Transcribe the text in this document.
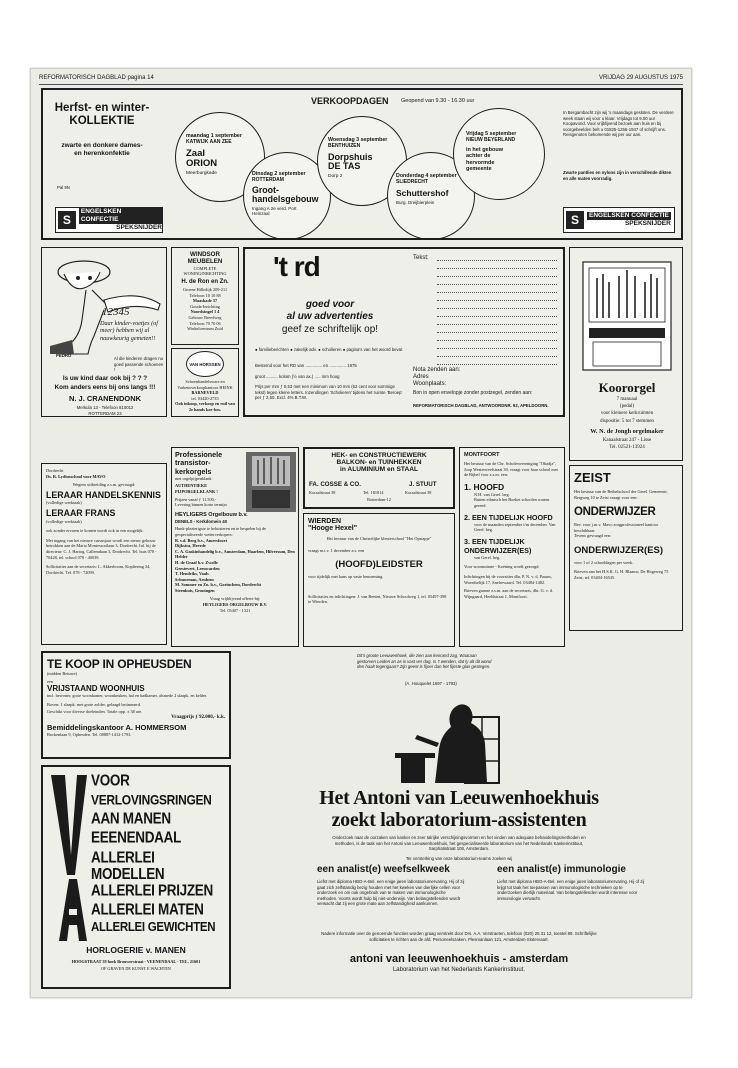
REFORMATORISCH DAGBLAD pagina 14	VRIJDAG 29 AUGUSTUS 1975
Herfst- en winter-KOLLEKTIE
zwarte en donkere dames- en herenkonfektie
Pal 9N
S
ENGELSKEN CONFECTIE
SPEKSNIJDER
VERKOOPDAGEN Geopend van 9.30 - 16.30 uur
maandag 1 september
KATWIJK AAN ZEE
Zaal ORION
Meerburgkade	Dinsdag 2 september
ROTTERDAM
Groot-handelsgebouw
Ingang A 2e verd. Port Heinzaal
Woensdag 3 september
BENTHUIZEN
Dorpshuis DE TAS
Dorp 2	Donderdag 4 september
SLIEDRECHT
Schuttershof
Burg. Dreijbierplein
Vrijdag 5 september
NIEUW BEYERLAND
in het gebouw achter de hervormde gemeente
In Bergambacht zijn wij 's maandags gesloten. De verdere week staan wij voor u klaar. Vrijdags tot 9.00 uur Koopavond. Voor vrijblijvend bezoek aan huis en bij voorgebeelden belt u 01825-1256-1947 of schrijft ons. Reisgenoten bekomende wij per uur aan.
Zwarte pantlies en nylons zijn in verschillende dikten en alle maten voorradig.
S	ENGELSKEN CONFECTIE
SPEKSNIJDER
12345
Daar kinder-voetjes (of meer) hebben wij al nauwkeurig gemeten!!
PEDRO
Al die kinderen dragen nu goed passende schoenen !
Is uw kind daar ook bij ? ? ?
Kom anders eens bij ons langs !!!
N. J. CRANENDONK
Merkula 13 - Telefoon 810012
ROTTERDAM 23
WINDSOR MEUBELEN
COMPLETE WONINGINRICHTING
H. de Ron en Zn.
Groene Hilledijk 209-211
Telefoon 10 10 88
Maaskade 37
Gouda-Inrichting
Noordsingel 1 4
Gebouw Breedweg
Telefoon 70 70 06
Winkelcentrum Zuid
VAN HORSSEN
Schoenhandelsware en Varkensverkoopkantoor HEINK
BARNEVELD
tel. 03420-2735
Ook inkoop, verkoop en ruil van 2e hands koe-bos.
't rd
goed voor
al uw advertenties
geef ze schriftelijk op!
● familieberichten ● zakelijk adv. ● scholieren ● pagina's van het woord bevat
Bestemd voor het RD van .............. en .............. 1975
groot .......... kolom (½ van ax.) ..... mm hoog
Prijs per mm ƒ 0,53 met een minimum van 10 mm (62 cent voor sommige tekst) tegen kleine letters. Inzendingen 'Scholieren' tijdens het ruimte 'Beroep' per ƒ 2,50. Excl. 4% B.T.W.
Tekst:
Nota zenden aan:
Adres
Woonplaats:
Bon in open envelopje zonder postzegel, zenden aan:
REFORMATORISCH DAGBLAD, ANTWOORDNR. 92, APELDOORN.
Koororgel
7 manuaal
(pedal)
voor kleinere kerkruimten
dispositie: 5 tot 7 stemmen
W. N. de Jongh orgelmaker
Kanaalstraat 247 - Lisse
Tel. 02521-13924
Dordrecht
Ds. R. Lydiusschool voor MAVO
Wegens uitbreiding z.s.m. gevraagd:
LERAAR HANDELSKENNIS
(volledige werktaak)
LERAAR FRANS
(volledige werktaak)
ook zonder ervaren te komen wordt ook in een mogelijk.
Met ingang van het nieuwe cursusjaar wordt een nieuw gebouw betrokken aan de Maria Montessorilaan 3, Dordrecht. Inl. bij de directeur: C. J. Hartog, Callemdaan 3, Dordrecht. Tel. huis 078 - 70428, tel. school 078 - 40039.
Sollicitaties aan de secretaris: L. Akkerboom, Kopliering 34, Dordrecht. Tel. 078 - 72099.
Professionele transistor-kerkorgels
met orgelpijpenklank
AUTHENTIEKE
PIJPORGELKLANK !
Prijzen vanaf ƒ 11.500,-
Levering binnen korte termijn
HEYLIGERS Orgelbouw b.v.
DENELS - Kerkdomein 40
Hunk-plezierigste te beluisteren en te bespelen bij de gespecialiseerde wederverkopers:
B. v.d. Berg b.v., Amersfoort
Dijkstra, Heerde
C. A. Gaskinhandelig b.v., Amsterdam, Haarlem, Hilversum, Den Helder
H. de Graaf b.v. Zwolle
Geestevert, Leeuwarden
T. Hendriks, Vaals
Schuurman, Arnhem
M. Sommer en Zn. b.v., Gorinchem, Dordrecht
Steenkuis, Groningen
Vraag vrijblijvend offerte bij:
HEYLIGERS ORGELBOUW B.V.
Tel. 05407 - 1321
HEK- en CONSTRUCTIEWERK
BALKON- en TUINHEKKEN
in ALUMINIUM en STAAL
FA. COSSE & CO.
Koraalstraat 38	Tel. 181814
J. STUUT
Koraalstraat 38
Rotterdam-12
WIERDEN
"Hooge Hexel"
Het bestuur van de Christelijke kleuterschool "Het Opstapje"
vraagt m.i.v. 1 december a.s. een
(HOOFD)LEIDSTER
voor tijdelijk met kans op vaste benoeming.
Sollicitaties en inlichtingen: J. van Beeten, Nieuwe Schoolweg 1, tel. 05497-398 te Wierden.
MONTFOORT
Het bestuur van de Chr. Scholenvereniging "Obadja", Joop Westerweelstraat 30, vraagt voor haar school met de Bijbel voor z.s.m. een:
1. HOOFD
N.H. van Gerel. beg.
Buiten ethnisch het Boeket schoolen wonen gereed.
2. EEN TIJDELIJK HOOFD
voor de maanden september t/m december. Van Gerel. beg.
3. EEN TIJDELIJK ONDERWIJZER(ES)
van Gerel. beg.
Voor woonruimte - Koëning wordt gezorgd.
Inlichtingen bij de voorzitter dhr. P. N. v. d. Paauw, Woerdselijk 17, Snelrewaard. Tel. 03484-1482.
Brieven gaarne z.s.m. aan de secretaris, dhr. G. v. d. Wijngaard, Heeldstraat 1, Montfoort.
ZEIST
Het bestuur van de Bethelschool der Gerel. Gemeente, Bergweg 10 te Zeist vraagt voor een:
ONDERWIJZER
Bev. voor j.m.v. Mavo zorgprofessioneel kantoor beschikbaar.
Tevens gevraagd een:
ONDERWIJZER(ES)
voor 1 of 2 schooldagen per week.
Brieven aan het H.S.K. G. H. Blaauw, De Hogeweg 75 Zeist, tel. 03404-16545.
TE KOOP IN OPHEUSDEN
(midden Betuwe)
een
VRIJSTAAND WOONHUIS
incl. bewoner, grote woonkamer, woonkeuken, hal en badkamer, alsmede 2 slaapk. en kelder.
Boven: 1 slaapk. met grote zolder, gelaagd betimmerd.
Geschikt voor diverse doeleinden. Totale opp. ± 38 are.
Vraagprijs ƒ 92.000,- k.k.
Bemiddelingskantoor A. HOMMERSOM
Bockenlaan 9, Ophesden. Tel. 08887-1412-1793.
VOOR
VERLOVINGSRINGEN
AAN MANEN
EEENENDAAL
ALLERLEI MODELLEN
ALLERLEI PRIJZEN
ALLERLEI MATEN
ALLERLEI GEWICHTEN
HORLOGERIE v. MANEN
HOOGSTRAAT 39 hoek Brouwerstraat - VEENENDAAL - TEL. 21601
OF GRAVEN DE KUNST E WACHTEN
Dit's groote Leeuwenhoek, die zien aan kenrand zag, Waaraan gestorven Leiden an as is vast ver dag. Is 't wenden, dat ly alt dit wond den haalt tegengaan? Zijn geest is fijner dan het fijnste glas gestegen.
(A. Houquelet 1697 - 1793)
Het Antoni van Leeuwenhoekhuis
zoekt laboratorium-assistenten
Onderzoek naar de oorzaken van kanker en zeer talrijke verschijningsvormen en het vinden van adequate behandelingsmethoden en methoden, is de taak van het Antoni van Leeuwenhoekhuis, het gespecialiseerde laboratorium van het Nederlands Kankerinstituut, Sarphatistraat 108, Amsterdam.
Ter versterking van onze laboratorium-teams zoeken wij
een analist(e) weefselkweek
Liefst met diploma HBO-A-Bel. een enige jaren laboratoriumervaring. Hij of zij gaat zich zelfstandig bezig houden met het kweken van dierlijke cellen voor onderzoek en om ook ongebruik van te maken van immunologische methoden. Voorts wordt hulp bij niet-onderwijs. Van belangstellenden wordt verwacht dat zij een grote mate aan zelfstandigheid aankunnen.
een analist(e) immunologie
Liefst met diploma HBO-A-Bel. een enige jaren laboratoriumervaring. Hij of zij krijgt tot taak het toepassen van immunologische technieken op te onderzoeken dierlijk materiaal. Van belangstellenden wordt interesse voor immunologie verwacht.
Nadere informatie over de genoemde functies worden graag verstrekt door Drs. A.A. Verstraeten, telefoon (020) 25 31 12, toestel 89. Schriftelijke sollicitaties te richten aan de afd. Personeelszaken, Plesmanlaan 121, Amsterdam-Slotervaart.
antoni van leeuwenhoekhuis - amsterdam
Laboratorium van het Nederlands Kankerinstituut.
